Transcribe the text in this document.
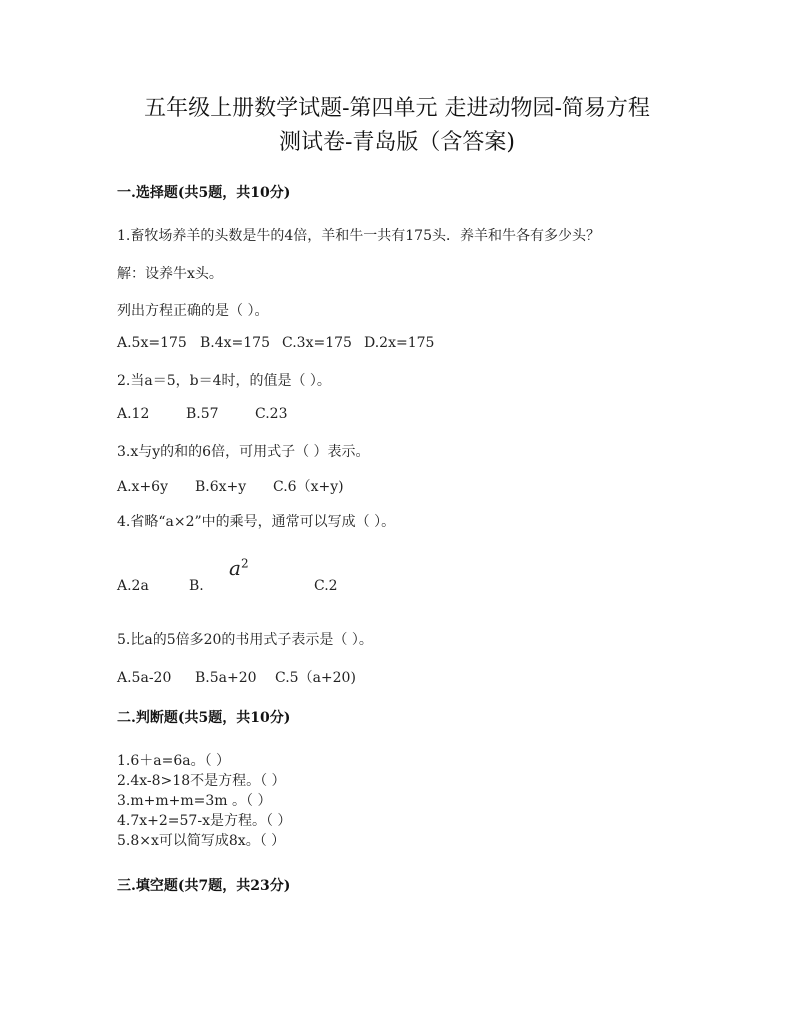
五年级上册数学试题-第四单元 走进动物园-简易方程
测试卷-青岛版（含答案)
一.选择题(共5题，共10分)
1.畜牧场养羊的头数是牛的4倍，羊和牛一共有175头．养羊和牛各有多少头？
解：设养牛x头。
列出方程正确的是（ ）。
A.5x=175 B.4x=175 C.3x=175 D.2x=175
2.当a＝5，b＝4时，的值是（ ）。
A.12	B.57	C.23
3.x与y的和的6倍，可用式子（ ）表示。
A.x+6y B.6x+y C.6（x+y)
4.省略“a×2”中的乘号，通常可以写成（ ）。
$a^2$
A.2a	B.	C.2
5.比a的5倍多20的书用式子表示是（ ）。
A.5a-20 B.5a+20 C.5（a+20)
二.判断题(共5题，共10分)
1.6＋a=6a。（ ）
2.4x-8>18不是方程。（ ）
3.m+m+m=3m 。（ ）
4.7x+2=57-x是方程。（ ）
5.8×x可以简写成8x。（ ）
三.填空题(共7题，共23分)
